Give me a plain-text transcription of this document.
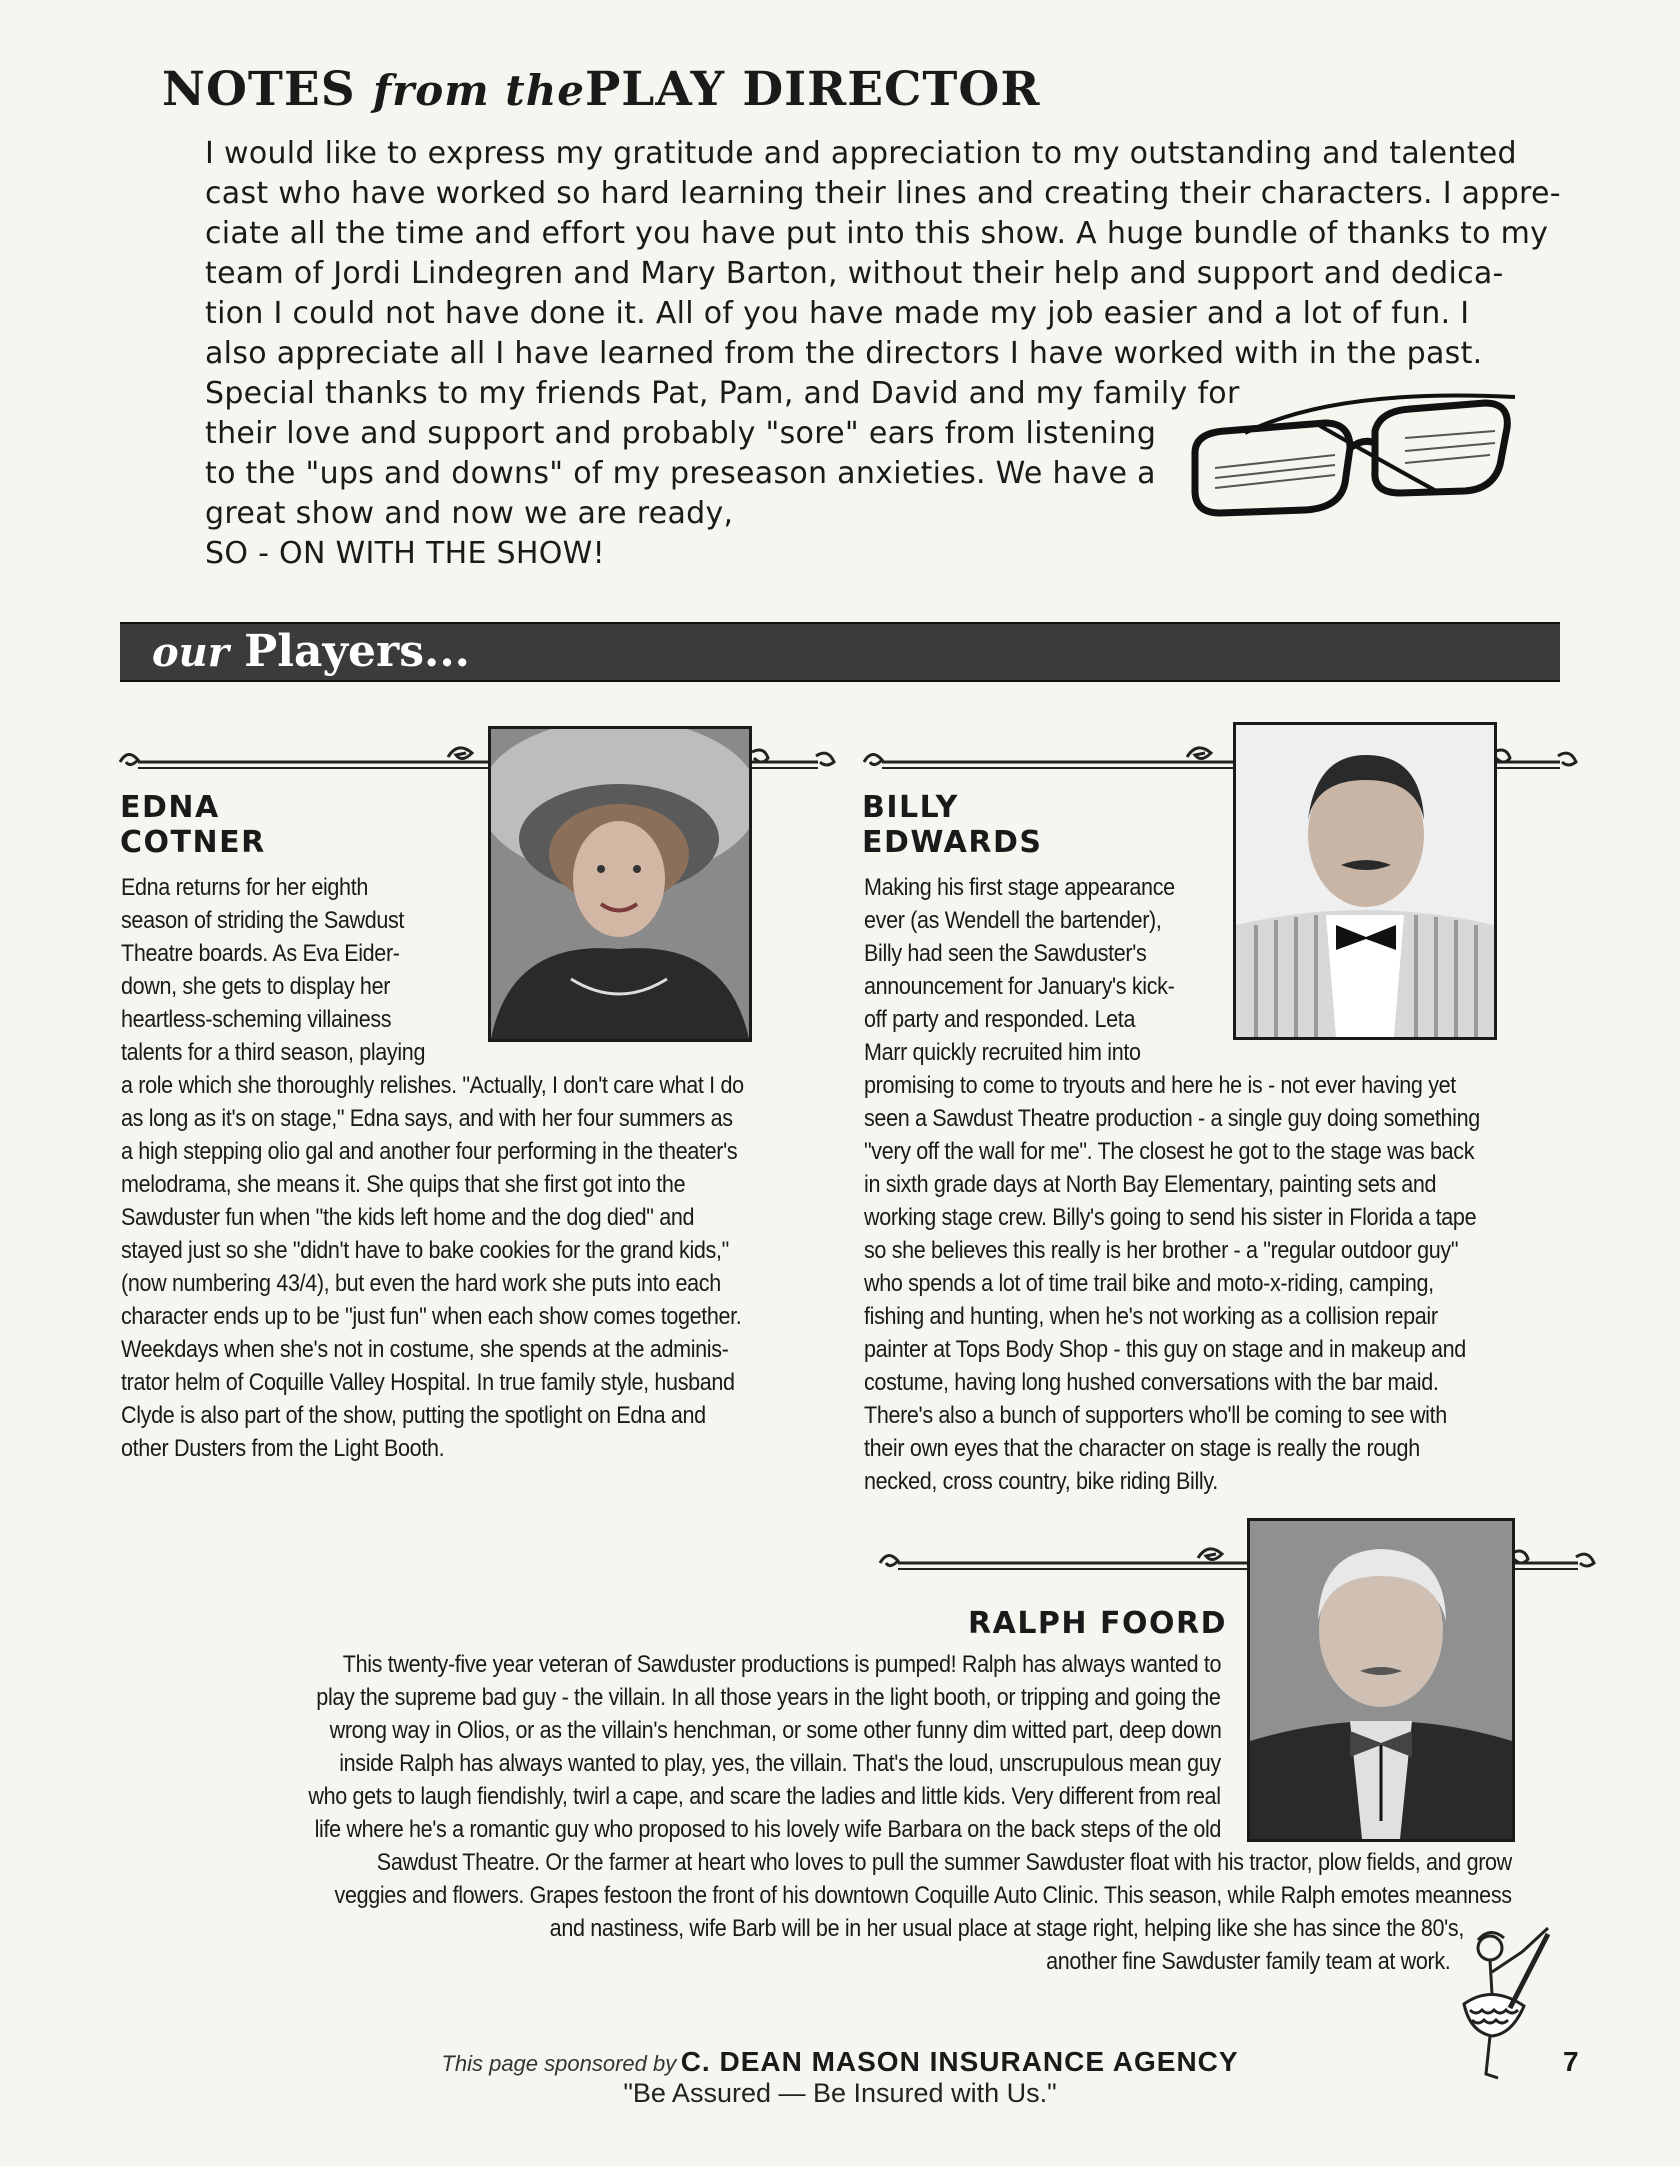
NOTES from thePLAY DIRECTOR
I would like to express my gratitude and appreciation to my outstanding and talented
cast who have worked so hard learning their lines and creating their characters. I appre-
ciate all the time and effort you have put into this show. A huge bundle of thanks to my
team of Jordi Lindegren and Mary Barton, without their help and support and dedica-
tion I could not have done it. All of you have made my job easier and a lot of fun. I
also appreciate all I have learned from the directors I have worked with in the past.
Special thanks to my friends Pat, Pam, and David and my family for
their love and support and probably "sore" ears from listening
to the "ups and downs" of my preseason anxieties. We have a
great show and now we are ready,
SO - ON WITH THE SHOW!
our Players...
EDNA
COTNER
Edna returns for her eighth
season of striding the Sawdust
Theatre boards. As Eva Eider-
down, she gets to display her
heartless-scheming villainess
talents for a third season, playing
a role which she thoroughly relishes. "Actually, I don't care what I do
as long as it's on stage," Edna says, and with her four summers as
a high stepping olio gal and another four performing in the theater's
melodrama, she means it. She quips that she first got into the
Sawduster fun when "the kids left home and the dog died" and
stayed just so she "didn't have to bake cookies for the grand kids,"
(now numbering 43/4), but even the hard work she puts into each
character ends up to be "just fun" when each show comes together.
Weekdays when she's not in costume, she spends at the adminis-
trator helm of Coquille Valley Hospital. In true family style, husband
Clyde is also part of the show, putting the spotlight on Edna and
other Dusters from the Light Booth.
BILLY
EDWARDS
Making his first stage appearance
ever (as Wendell the bartender),
Billy had seen the Sawduster's
announcement for January's kick-
off party and responded. Leta
Marr quickly recruited him into
promising to come to tryouts and here he is - not ever having yet
seen a Sawdust Theatre production - a single guy doing something
"very off the wall for me". The closest he got to the stage was back
in sixth grade days at North Bay Elementary, painting sets and
working stage crew. Billy's going to send his sister in Florida a tape
so she believes this really is her brother - a "regular outdoor guy"
who spends a lot of time trail bike and moto-x-riding, camping,
fishing and hunting, when he's not working as a collision repair
painter at Tops Body Shop - this guy on stage and in makeup and
costume, having long hushed conversations with the bar maid.
There's also a bunch of supporters who'll be coming to see with
their own eyes that the character on stage is really the rough
necked, cross country, bike riding Billy.
RALPH FOORD
This twenty-five year veteran of Sawduster productions is pumped! Ralph has always wanted to
play the supreme bad guy - the villain. In all those years in the light booth, or tripping and going the
wrong way in Olios, or as the villain's henchman, or some other funny dim witted part, deep down
inside Ralph has always wanted to play, yes, the villain. That's the loud, unscrupulous mean guy
who gets to laugh fiendishly, twirl a cape, and scare the ladies and little kids. Very different from real
life where he's a romantic guy who proposed to his lovely wife Barbara on the back steps of the old
Sawdust Theatre. Or the farmer at heart who loves to pull the summer Sawduster float with his tractor, plow fields, and grow
veggies and flowers. Grapes festoon the front of his downtown Coquille Auto Clinic. This season, while Ralph emotes meanness
and nastiness, wife Barb will be in her usual place at stage right, helping like she has since the 80's,
another fine Sawduster family team at work.
This page sponsored by C. DEAN MASON INSURANCE AGENCY
"Be Assured — Be Insured with Us."
7
